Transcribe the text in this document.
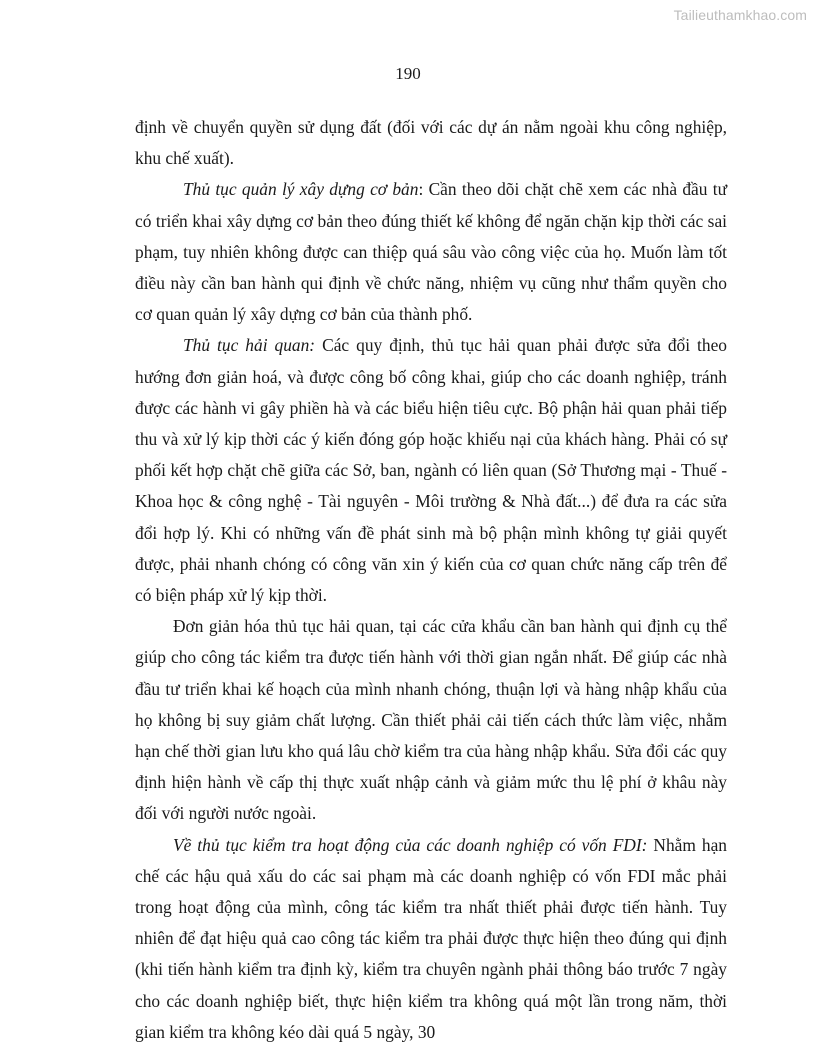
Tailieuthamkhao.com
190

định về chuyển quyền sử dụng đất (đối với các dự án nằm ngoài khu công nghiệp, khu chế xuất).

Thủ tục quản lý xây dựng cơ bản: Cần theo dõi chặt chẽ xem các nhà đầu tư có triển khai xây dựng cơ bản theo đúng thiết kế không để ngăn chặn kịp thời các sai phạm, tuy nhiên không được can thiệp quá sâu vào công việc của họ. Muốn làm tốt điều này cần ban hành qui định về chức năng, nhiệm vụ cũng như thẩm quyền cho cơ quan quản lý xây dựng cơ bản của thành phố.

Thủ tục hải quan: Các quy định, thủ tục hải quan phải được sửa đổi theo hướng đơn giản hoá, và được công bố công khai, giúp cho các doanh nghiệp, tránh được các hành vi gây phiền hà và các biểu hiện tiêu cực. Bộ phận hải quan phải tiếp thu và xử lý kịp thời các ý kiến đóng góp hoặc khiếu nại của khách hàng. Phải có sự phối kết hợp chặt chẽ giữa các Sở, ban, ngành có liên quan (Sở Thương mại - Thuế - Khoa học & công nghệ - Tài nguyên - Môi trường & Nhà đất...) để đưa ra các sửa đổi hợp lý. Khi có những vấn đề phát sinh mà bộ phận mình không tự giải quyết được, phải nhanh chóng có công văn xin ý kiến của cơ quan chức năng cấp trên để có biện pháp xử lý kịp thời.

Đơn giản hóa thủ tục hải quan, tại các cửa khẩu cần ban hành qui định cụ thể giúp cho công tác kiểm tra được tiến hành với thời gian ngắn nhất. Để giúp các nhà đầu tư triển khai kế hoạch của mình nhanh chóng, thuận lợi và hàng nhập khẩu của họ không bị suy giảm chất lượng. Cần thiết phải cải tiến cách thức làm việc, nhằm hạn chế thời gian lưu kho quá lâu chờ kiểm tra của hàng nhập khẩu. Sửa đổi các quy định hiện hành về cấp thị thực xuất nhập cảnh và giảm mức thu lệ phí ở khâu này đối với người nước ngoài.

Về thủ tục kiểm tra hoạt động của các doanh nghiệp có vốn FDI: Nhằm hạn chế các hậu quả xấu do các sai phạm mà các doanh nghiệp có vốn FDI mắc phải trong hoạt động của mình, công tác kiểm tra nhất thiết phải được tiến hành. Tuy nhiên để đạt hiệu quả cao công tác kiểm tra phải được thực hiện theo đúng qui định (khi tiến hành kiểm tra định kỳ, kiểm tra chuyên ngành phải thông báo trước 7 ngày cho các doanh nghiệp biết, thực hiện kiểm tra không quá một lần trong năm, thời gian kiểm tra không kéo dài quá 5 ngày, 30
